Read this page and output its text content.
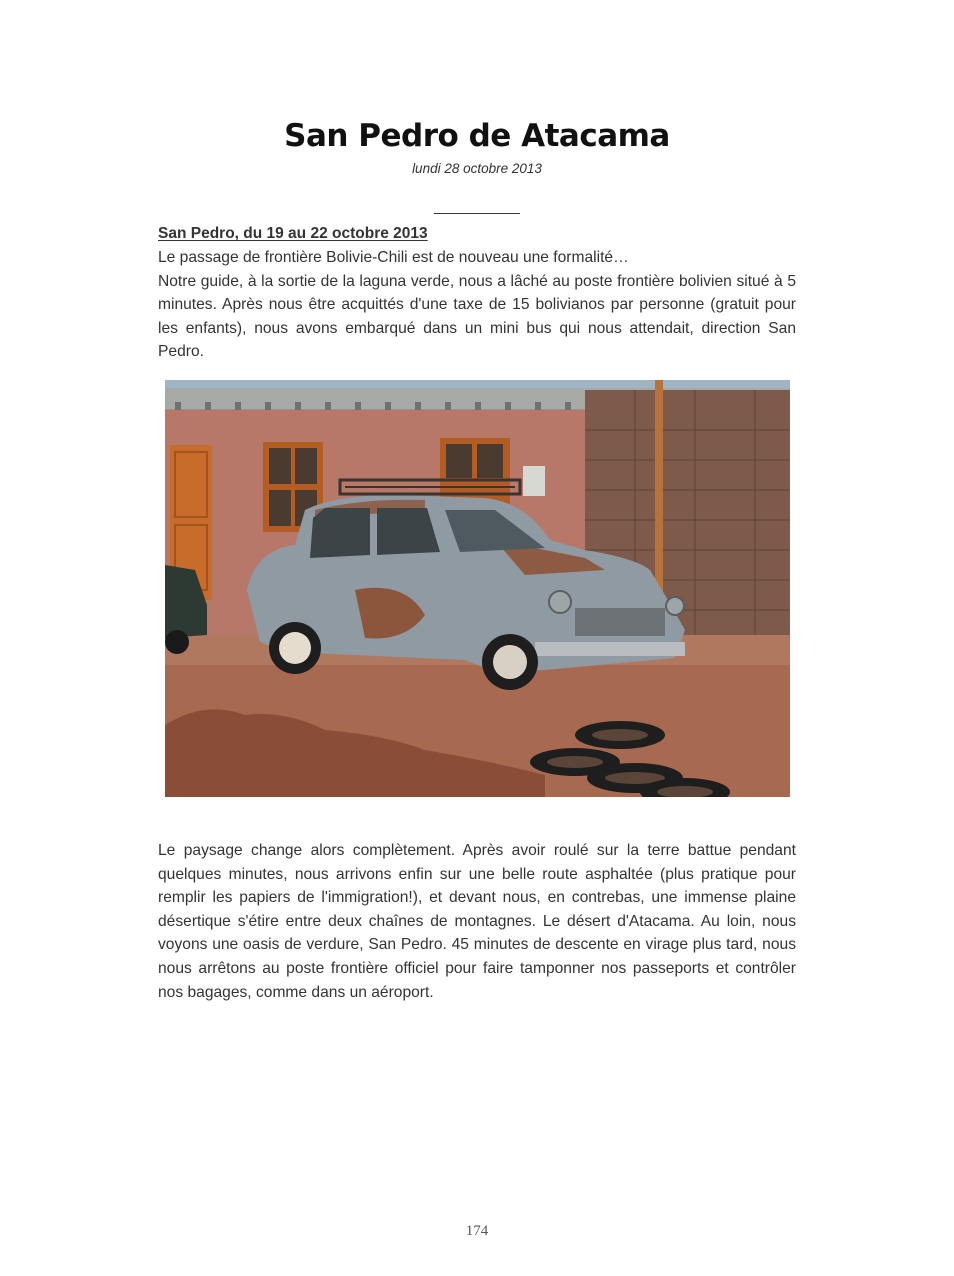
San Pedro de Atacama
lundi 28 octobre 2013
___________
San Pedro, du 19 au 22 octobre 2013
Le passage de frontière Bolivie-Chili est de nouveau une formalité…
Notre guide, à la sortie de la laguna verde, nous a lâché au poste frontière bolivien situé à 5 minutes. Après nous être acquittés d'une taxe de 15 bolivianos par personne (gratuit pour les enfants), nous avons embarqué dans un mini bus qui nous attendait, direction San Pedro.

Le paysage change alors complètement. Après avoir roulé sur la terre battue pendant quelques minutes, nous arrivons enfin sur une belle route asphaltée (plus pratique pour remplir les papiers de l'immigration!), et devant nous, en contrebas, une immense plaine désertique s'étire entre deux chaînes de montagnes. Le désert d'Atacama. Au loin, nous voyons une oasis de verdure, San Pedro. 45 minutes de descente en virage plus tard, nous nous arrêtons au poste frontière officiel pour faire tamponner nos passeports et contrôler nos bagages, comme dans un aéroport.

174
